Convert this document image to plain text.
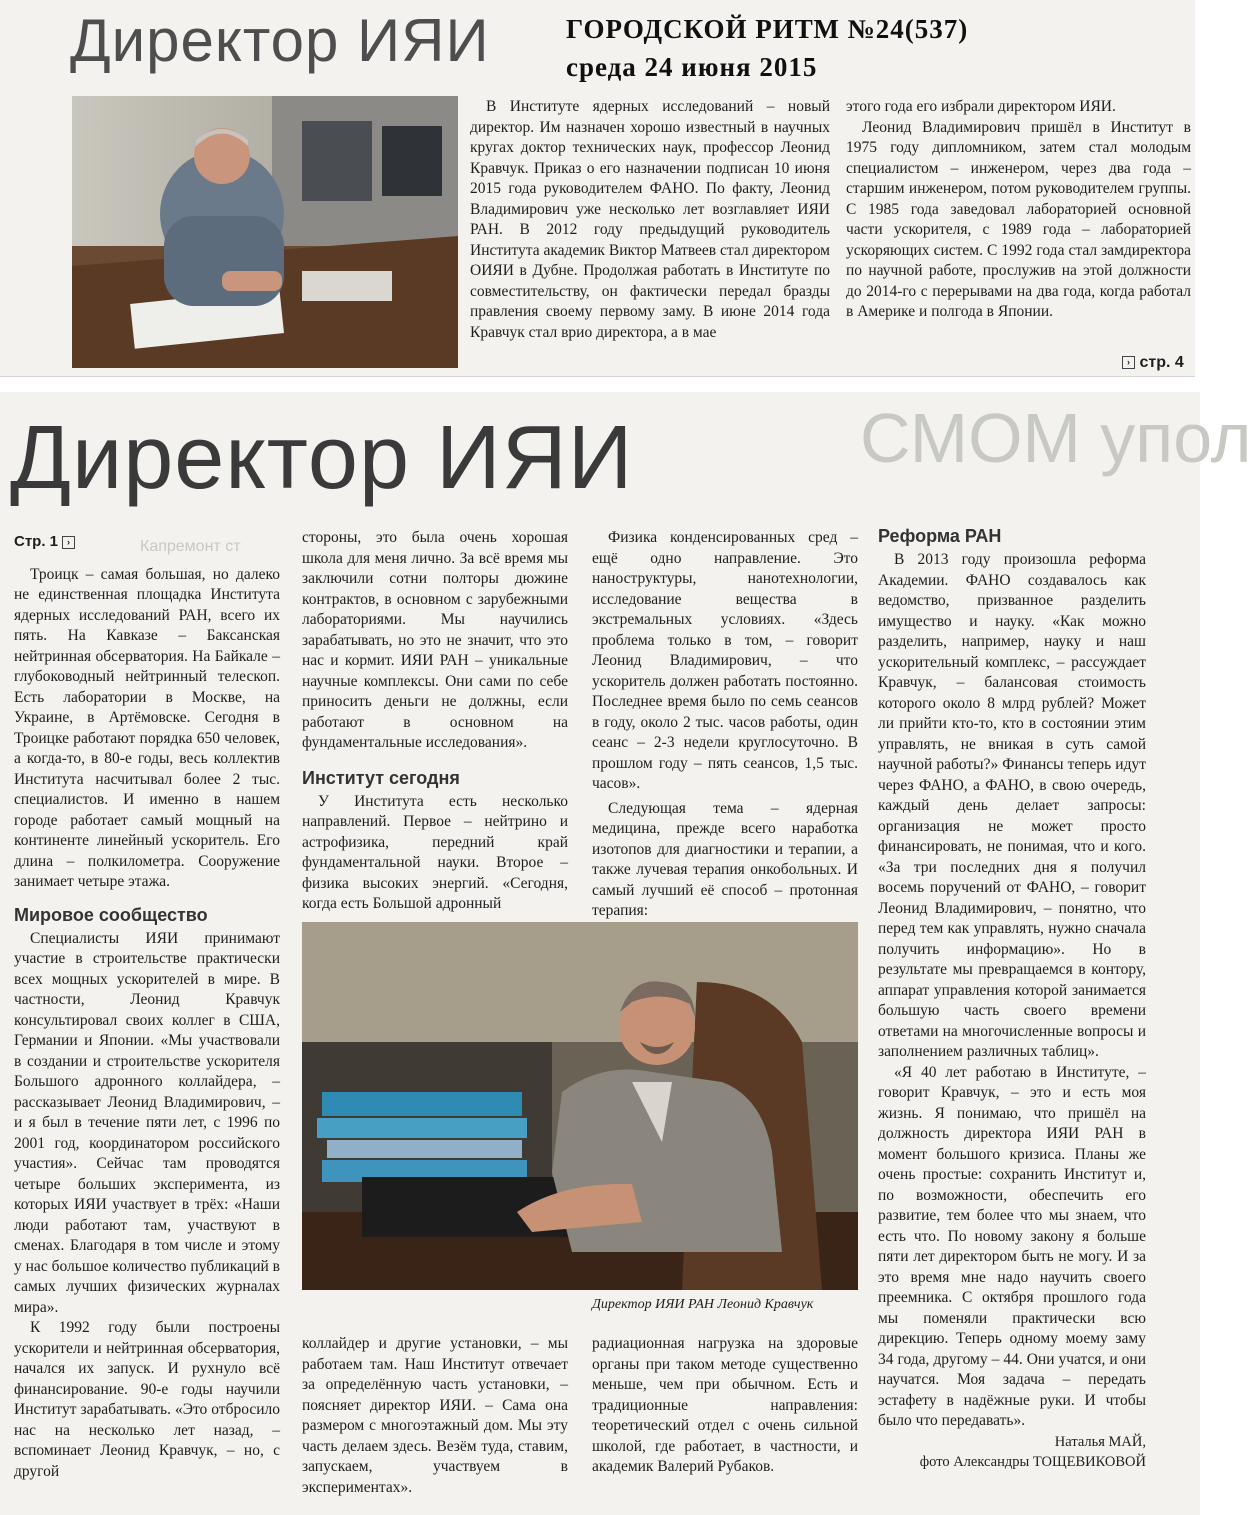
Директор ИЯИ	ГОРОДСКОЙ РИТМ №24(537)
среда 24 июня 2015

В Институте ядерных исследований – новый директор. Им назначен хорошо известный в научных кругах доктор технических наук, профессор Леонид Кравчук. Приказ о его назначении подписан 10 июня 2015 года руководителем ФАНО. По факту, Леонид Владимирович уже несколько лет возглавляет ИЯИ РАН. В 2012 году предыдущий руководитель Института академик Виктор Матвеев стал директором ОИЯИ в Дубне. Продолжая работать в Институте по совместительству, он фактически передал бразды правления своему первому заму. В июне 2014 года Кравчук стал врио директора, а в мае

этого года его избрали директором ИЯИ.

Леонид Владимирович пришёл в Институт в 1975 году дипломником, затем стал молодым специалистом – инженером, через два года – старшим инженером, потом руководителем группы. С 1985 года заведовал лабораторией основной части ускорителя, с 1989 года – лабораторией ускоряющих систем. С 1992 года стал замдиректора по научной работе, прослужив на этой должности до 2014-го с перерывами на два года, когда работал в Америке и полгода в Японии.

› стр. 4
СМОМ упол
Директор ИЯИ
Капремонт ст
Стр. 1 ›

Троицк – самая большая, но далеко не единственная площадка Института ядерных исследований РАН, всего их пять. На Кавказе – Баксанская нейтринная обсерватория. На Байкале – глубоководный нейтринный телескоп. Есть лаборатории в Москве, на Украине, в Артёмовске. Сегодня в Троицке работают порядка 650 человек, а когда-то, в 80-е годы, весь коллектив Института насчитывал более 2 тыс. специалистов. И именно в нашем городе работает самый мощный на континенте линейный ускоритель. Его длина – полкилометра. Сооружение занимает четыре этажа.

Мировое сообщество

Специалисты ИЯИ принимают участие в строительстве практически всех мощных ускорителей в мире. В частности, Леонид Кравчук консультировал своих коллег в США, Германии и Японии. «Мы участвовали в создании и строительстве ускорителя Большого адронного коллайдера, – рассказывает Леонид Владимирович, – и я был в течение пяти лет, с 1996 по 2001 год, координатором российского участия». Сейчас там проводятся четыре больших эксперимента, из которых ИЯИ участвует в трёх: «Наши люди работают там, участвуют в сменах. Благодаря в том числе и этому у нас большое количество публикаций в самых лучших физических журналах мира».

К 1992 году были построены ускорители и нейтринная обсерватория, начался их запуск. И рухнуло всё финансирование. 90-е годы научили Институт зарабатывать. «Это отбросило нас на несколько лет назад, – вспоминает Леонид Кравчук, – но, с другой

стороны, это была очень хорошая школа для меня лично. За всё время мы заключили сотни полторы дюжине контрактов, в основном с зарубежными лабораториями. Мы научились зарабатывать, но это не значит, что это нас и кормит. ИЯИ РАН – уникальные научные комплексы. Они сами по себе приносить деньги не должны, если работают в основном на фундаментальные исследования».

Институт сегодня

У Института есть несколько направлений. Первое – нейтрино и астрофизика, передний край фундаментальной науки. Второе – физика высоких энергий. «Сегодня, когда есть Большой адронный

Физика конденсированных сред – ещё одно направление. Это наноструктуры, нанотехнологии, исследование вещества в экстремальных условиях. «Здесь проблема только в том, – говорит Леонид Владимирович, – что ускоритель должен работать постоянно. Последнее время было по семь сеансов в году, около 2 тыс. часов работы, один сеанс – 2-3 недели круглосуточно. В прошлом году – пять сеансов, 1,5 тыс. часов».

Следующая тема – ядерная медицина, прежде всего наработка изотопов для диагностики и терапии, а также лучевая терапия онкобольных. И самый лучший её способ – протонная терапия:

Директор ИЯИ РАН Леонид Кравчук

коллайдер и другие установки, – мы работаем там. Наш Институт отвечает за определённую часть установки, – поясняет директор ИЯИ. – Сама она размером с многоэтажный дом. Мы эту часть делаем здесь. Везём туда, ставим, запускаем, участвуем в экспериментах».

радиационная нагрузка на здоровые органы при таком методе существенно меньше, чем при обычном. Есть и традиционные направления: теоретический отдел с очень сильной школой, где работает, в частности, и академик Валерий Рубаков.

Реформа РАН

В 2013 году произошла реформа Академии. ФАНО создавалось как ведомство, призванное разделить имущество и науку. «Как можно разделить, например, науку и наш ускорительный комплекс, – рассуждает Кравчук, – балансовая стоимость которого около 8 млрд рублей? Может ли прийти кто-то, кто в состоянии этим управлять, не вникая в суть самой научной работы?» Финансы теперь идут через ФАНО, а ФАНО, в свою очередь, каждый день делает запросы: организация не может просто финансировать, не понимая, что и кого. «За три последних дня я получил восемь поручений от ФАНО, – говорит Леонид Владимирович, – понятно, что перед тем как управлять, нужно сначала получить информацию». Но в результате мы превращаемся в контору, аппарат управления которой занимается большую часть своего времени ответами на многочисленные вопросы и заполнением различных таблиц».

«Я 40 лет работаю в Институте, – говорит Кравчук, – это и есть моя жизнь. Я понимаю, что пришёл на должность директора ИЯИ РАН в момент большого кризиса. Планы же очень простые: сохранить Институт и, по возможности, обеспечить его развитие, тем более что мы знаем, что есть что. По новому закону я больше пяти лет директором быть не могу. И за это время мне надо научить своего преемника. С октября прошлого года мы поменяли практически всю дирекцию. Теперь одному моему заму 34 года, другому – 44. Они учатся, и они научатся. Моя задача – передать эстафету в надёжные руки. И чтобы было что передавать».

Наталья МАЙ,
фото Александры ТОЩЕВИКОВОЙ
